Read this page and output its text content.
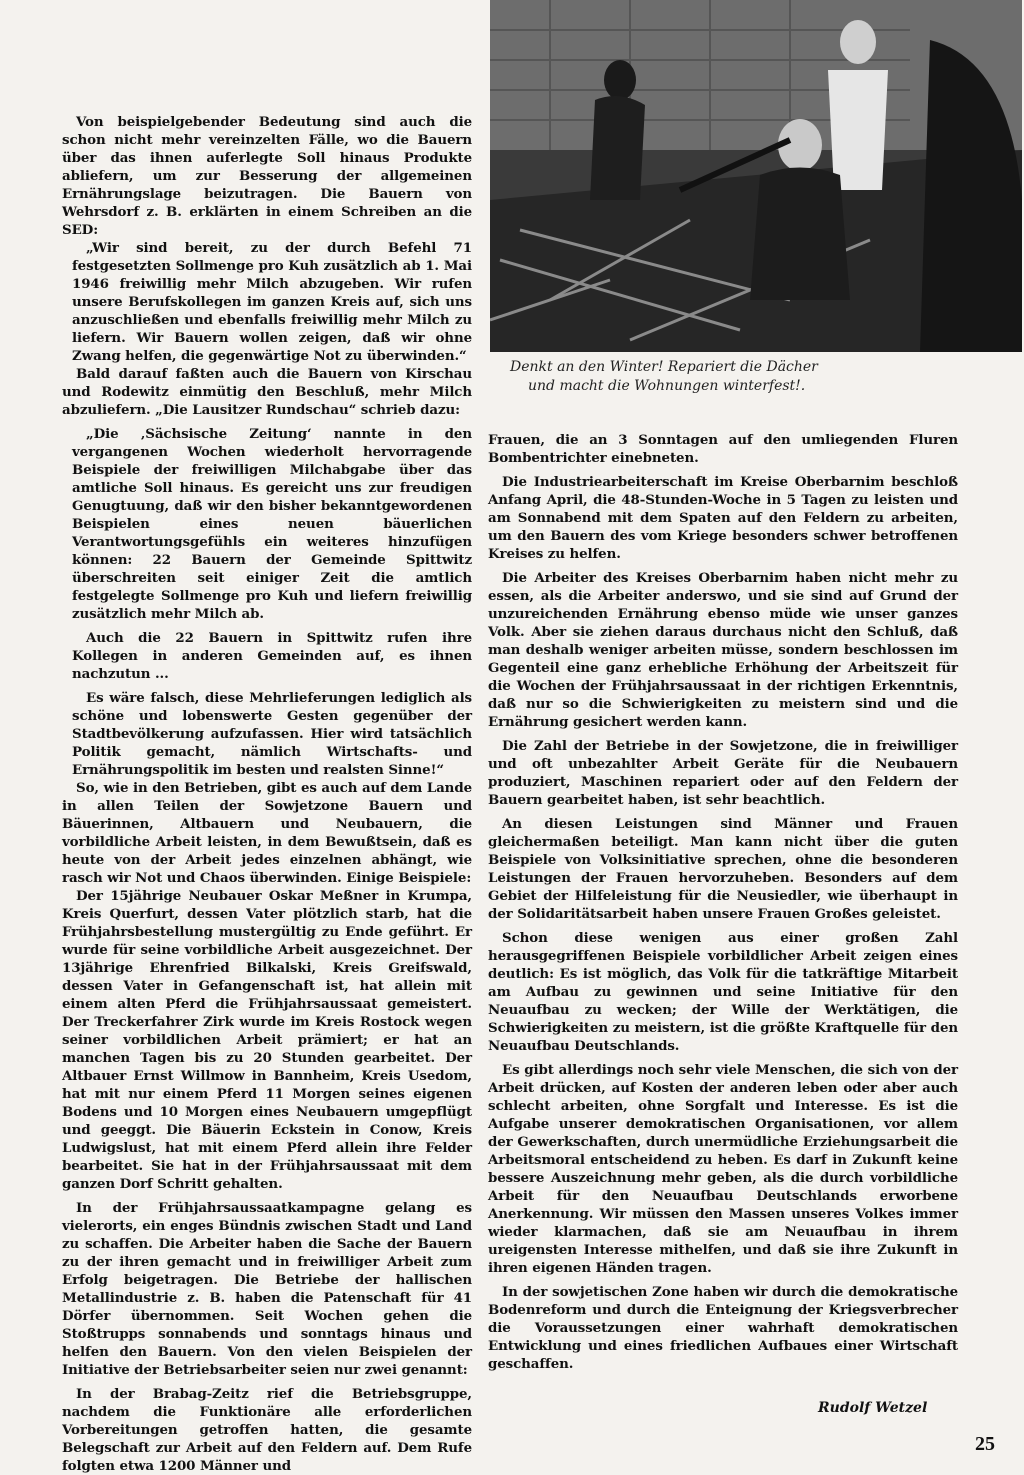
Denkt an den Winter! Repariert die Dächer
und macht die Wohnungen winterfest!.

Von beispielgebender Bedeutung sind auch die schon nicht mehr vereinzelten Fälle, wo die Bauern über das ihnen auferlegte Soll hinaus Produkte abliefern, um zur Besserung der allgemeinen Ernährungslage beizutragen. Die Bauern von Wehrsdorf z. B. erklärten in einem Schreiben an die SED:

„Wir sind bereit, zu der durch Befehl 71 festgesetzten Sollmenge pro Kuh zusätzlich ab 1. Mai 1946 freiwillig mehr Milch abzugeben. Wir rufen unsere Berufskollegen im ganzen Kreis auf, sich uns anzuschließen und ebenfalls freiwillig mehr Milch zu liefern. Wir Bauern wollen zeigen, daß wir ohne Zwang helfen, die gegenwärtige Not zu überwinden.“

Bald darauf faßten auch die Bauern von Kirschau und Rodewitz einmütig den Beschluß, mehr Milch abzuliefern. „Die Lausitzer Rundschau“ schrieb dazu:

„Die ‚Sächsische Zeitung‘ nannte in den vergangenen Wochen wiederholt hervorragende Beispiele der freiwilligen Milchabgabe über das amtliche Soll hinaus. Es gereicht uns zur freudigen Genugtuung, daß wir den bisher bekanntgewordenen Beispielen eines neuen bäuerlichen Verantwortungsgefühls ein weiteres hinzufügen können: 22 Bauern der Gemeinde Spittwitz überschreiten seit einiger Zeit die amtlich festgelegte Sollmenge pro Kuh und liefern freiwillig zusätzlich mehr Milch ab.

Auch die 22 Bauern in Spittwitz rufen ihre Kollegen in anderen Gemeinden auf, es ihnen nachzutun ...

Es wäre falsch, diese Mehrlieferungen lediglich als schöne und lobenswerte Gesten gegenüber der Stadtbevölkerung aufzufassen. Hier wird tatsächlich Politik gemacht, nämlich Wirtschafts- und Ernährungspolitik im besten und realsten Sinne!“

So, wie in den Betrieben, gibt es auch auf dem Lande in allen Teilen der Sowjetzone Bauern und Bäuerinnen, Altbauern und Neubauern, die vorbildliche Arbeit leisten, in dem Bewußtsein, daß es heute von der Arbeit jedes einzelnen abhängt, wie rasch wir Not und Chaos überwinden. Einige Beispiele:

Der 15jährige Neubauer Oskar Meßner in Krumpa, Kreis Querfurt, dessen Vater plötzlich starb, hat die Frühjahrsbestellung mustergültig zu Ende geführt. Er wurde für seine vorbildliche Arbeit ausgezeichnet. Der 13jährige Ehrenfried Bilkalski, Kreis Greifswald, dessen Vater in Gefangenschaft ist, hat allein mit einem alten Pferd die Frühjahrsaussaat gemeistert. Der Treckerfahrer Zirk wurde im Kreis Rostock wegen seiner vorbildlichen Arbeit prämiert; er hat an manchen Tagen bis zu 20 Stunden gearbeitet. Der Altbauer Ernst Willmow in Bannheim, Kreis Usedom, hat mit nur einem Pferd 11 Morgen seines eigenen Bodens und 10 Morgen eines Neubauern umgepflügt und geeggt. Die Bäuerin Eckstein in Conow, Kreis Ludwigslust, hat mit einem Pferd allein ihre Felder bearbeitet. Sie hat in der Frühjahrsaussaat mit dem ganzen Dorf Schritt gehalten.

In der Frühjahrsaussaatkampagne gelang es vielerorts, ein enges Bündnis zwischen Stadt und Land zu schaffen. Die Arbeiter haben die Sache der Bauern zu der ihren gemacht und in freiwilliger Arbeit zum Erfolg beigetragen. Die Betriebe der hallischen Metallindustrie z. B. haben die Patenschaft für 41 Dörfer übernommen. Seit Wochen gehen die Stoßtrupps sonnabends und sonntags hinaus und helfen den Bauern. Von den vielen Beispielen der Initiative der Betriebsarbeiter seien nur zwei genannt:

In der Brabag-Zeitz rief die Betriebsgruppe, nachdem die Funktionäre alle erforderlichen Vorbereitungen getroffen hatten, die gesamte Belegschaft zur Arbeit auf den Feldern auf. Dem Rufe folgten etwa 1200 Männer und

Frauen, die an 3 Sonntagen auf den umliegenden Fluren Bombentrichter einebneten.

Die Industriearbeiterschaft im Kreise Oberbarnim beschloß Anfang April, die 48-Stunden-Woche in 5 Tagen zu leisten und am Sonnabend mit dem Spaten auf den Feldern zu arbeiten, um den Bauern des vom Kriege besonders schwer betroffenen Kreises zu helfen.

Die Arbeiter des Kreises Oberbarnim haben nicht mehr zu essen, als die Arbeiter anderswo, und sie sind auf Grund der unzureichenden Ernährung ebenso müde wie unser ganzes Volk. Aber sie ziehen daraus durchaus nicht den Schluß, daß man deshalb weniger arbeiten müsse, sondern beschlossen im Gegenteil eine ganz erhebliche Erhöhung der Arbeitszeit für die Wochen der Frühjahrsaussaat in der richtigen Erkenntnis, daß nur so die Schwierigkeiten zu meistern sind und die Ernährung gesichert werden kann.

Die Zahl der Betriebe in der Sowjetzone, die in freiwilliger und oft unbezahlter Arbeit Geräte für die Neubauern produziert, Maschinen repariert oder auf den Feldern der Bauern gearbeitet haben, ist sehr beachtlich.

An diesen Leistungen sind Männer und Frauen gleichermaßen beteiligt. Man kann nicht über die guten Beispiele von Volksinitiative sprechen, ohne die besonderen Leistungen der Frauen hervorzuheben. Besonders auf dem Gebiet der Hilfeleistung für die Neusiedler, wie überhaupt in der Solidaritätsarbeit haben unsere Frauen Großes geleistet.

Schon diese wenigen aus einer großen Zahl herausgegriffenen Beispiele vorbildlicher Arbeit zeigen eines deutlich: Es ist möglich, das Volk für die tatkräftige Mitarbeit am Aufbau zu gewinnen und seine Initiative für den Neuaufbau zu wecken; der Wille der Werktätigen, die Schwierigkeiten zu meistern, ist die größte Kraftquelle für den Neuaufbau Deutschlands.

Es gibt allerdings noch sehr viele Menschen, die sich von der Arbeit drücken, auf Kosten der anderen leben oder aber auch schlecht arbeiten, ohne Sorgfalt und Interesse. Es ist die Aufgabe unserer demokratischen Organisationen, vor allem der Gewerkschaften, durch unermüdliche Erziehungsarbeit die Arbeitsmoral entscheidend zu heben. Es darf in Zukunft keine bessere Auszeichnung mehr geben, als die durch vorbildliche Arbeit für den Neuaufbau Deutschlands erworbene Anerkennung. Wir müssen den Massen unseres Volkes immer wieder klarmachen, daß sie am Neuaufbau in ihrem ureigensten Interesse mithelfen, und daß sie ihre Zukunft in ihren eigenen Händen tragen.

In der sowjetischen Zone haben wir durch die demokratische Bodenreform und durch die Enteignung der Kriegsverbrecher die Voraussetzungen einer wahrhaft demokratischen Entwicklung und eines friedlichen Aufbaues einer Wirtschaft geschaffen.

Rudolf Wetzel
25
